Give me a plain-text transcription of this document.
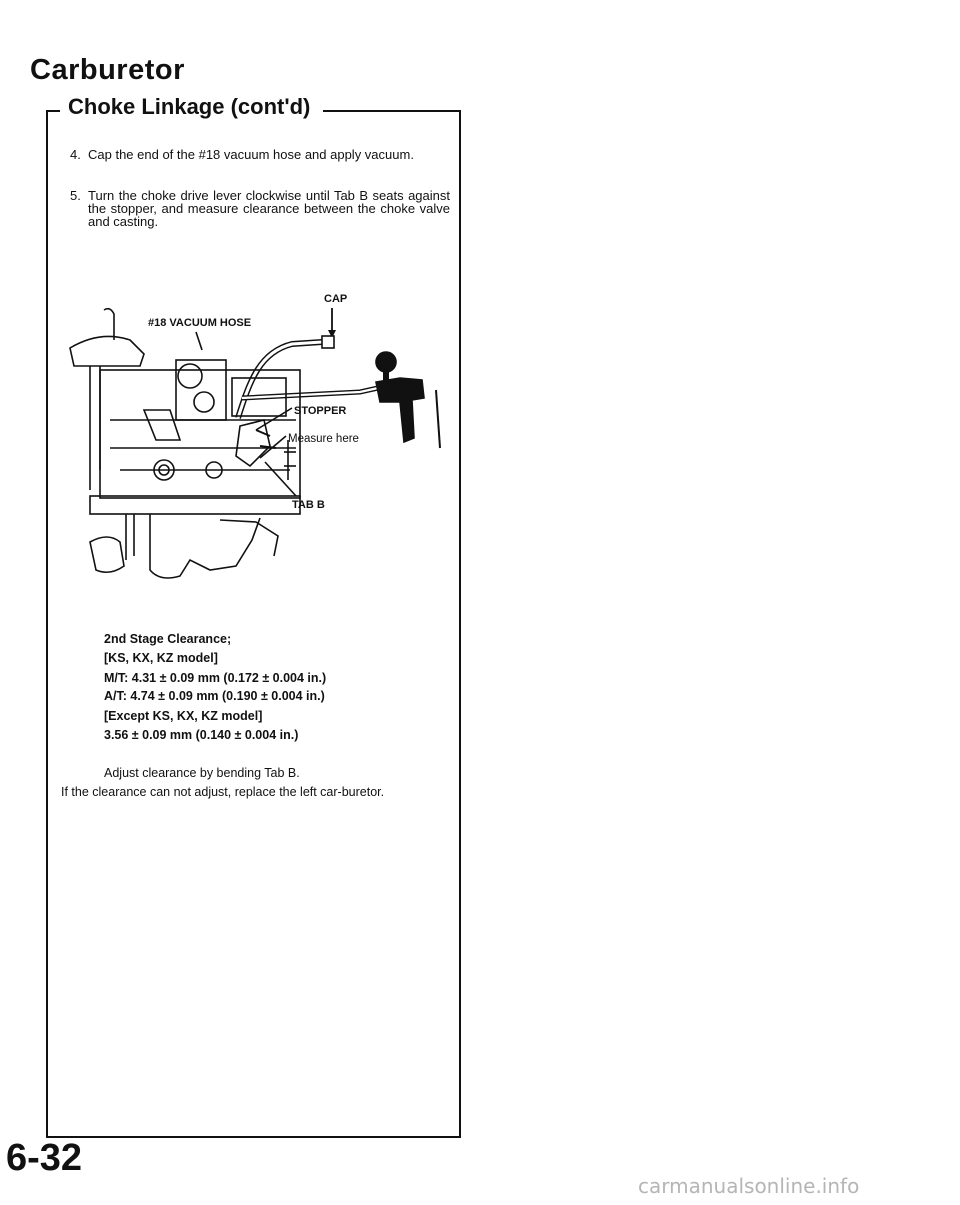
Carburetor
Choke Linkage (cont'd)
4. Cap the end of the #18 vacuum hose and apply vacuum.
5. Turn the choke drive lever clockwise until Tab B seats against the stopper, and measure clearance between the choke valve and casting.
CAP
#18 VACUUM HOSE
STOPPER
Measure here
TAB B
2nd Stage Clearance;
[KS, KX, KZ model]
M/T: 4.31 ± 0.09 mm (0.172 ± 0.004 in.)
A/T: 4.74 ± 0.09 mm (0.190 ± 0.004 in.)
[Except KS, KX, KZ model]
3.56 ± 0.09 mm (0.140 ± 0.004 in.)
Adjust clearance by bending Tab B.
If the clearance can not adjust, replace the left car-buretor.
6-32
carmanualsonline.info
